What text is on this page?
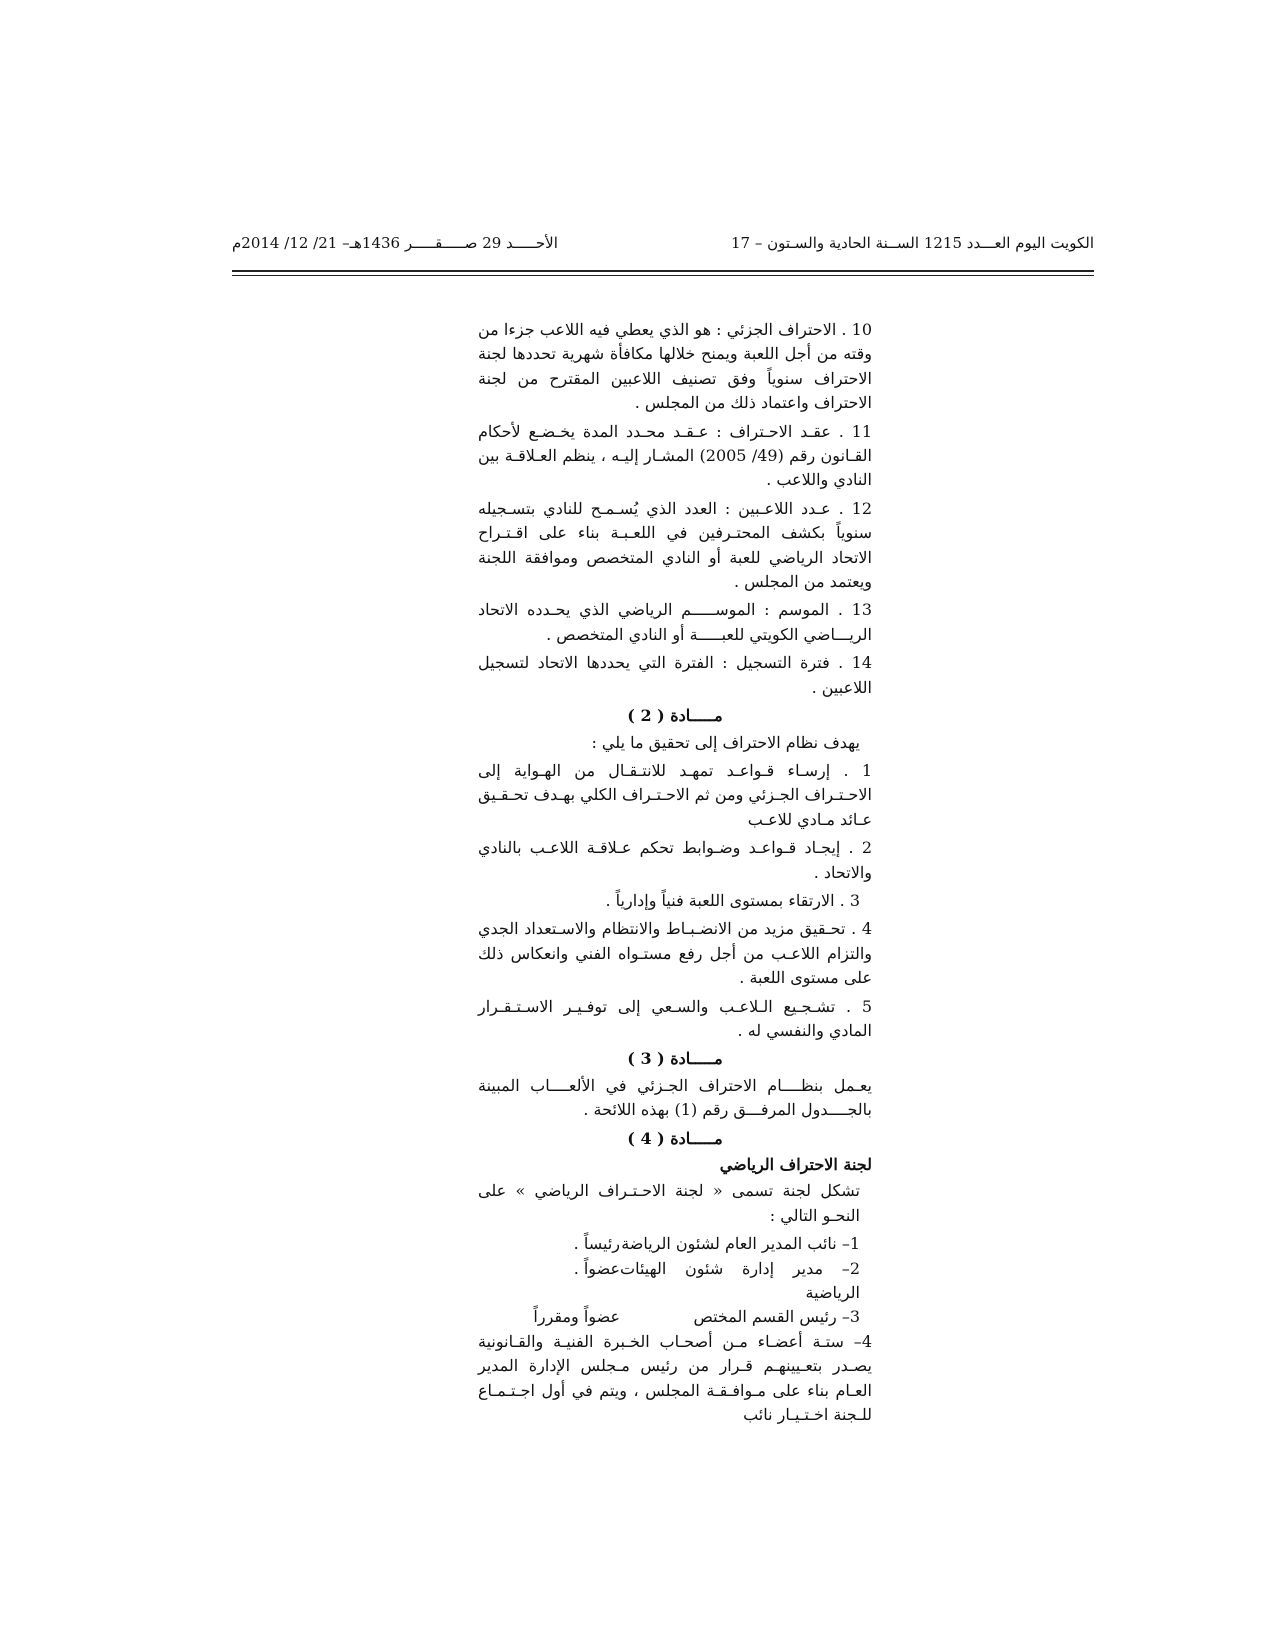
الأحـــــد 29 صـــــقـــــر 1436هـ– 21/ 12/ 2014م	الكويت اليوم العـــدد 1215 الســنة الحادية والسـتون – 17

10 . الاحتراف الجزئي : هو الذي يعطي فيه اللاعب جزءا من وقته من أجل اللعبة ويمنح خلالها مكافأة شهرية تحددها لجنة الاحتراف سنوياً وفق تصنيف اللاعبين المقترح من لجنة الاحتراف واعتماد ذلك من المجلس .

11 . عقـد الاحـتراف : عـقـد محـدد المدة يخـضـع لأحكام القـانون رقم (49/ 2005) المشـار إليـه ، ينظم العـلاقـة بين النادي واللاعب .

12 . عـدد اللاعـبين : العدد الذي يُسـمـح للنادي بتسـجيله سنوياً بكشف المحتـرفين في اللعـبـة بناء على اقـتـراح الاتحاد الرياضي للعبة أو النادي المتخصص وموافقة اللجنة ويعتمد من المجلس .

13 . الموسم : الموســـــم الرياضي الذي يحـدده الاتحاد الريـــاضي الكويتي للعبـــــة أو النادي المتخصص .

14 . فترة التسجيل : الفترة التي يحددها الاتحاد لتسجيل اللاعبين .

مـــــادة ( 2 )

يهدف نظام الاحتراف إلى تحقيق ما يلي :

1 . إرسـاء قـواعـد تمهـد للانتـقـال من الهـواية إلى الاحـتـراف الجـزئي ومن ثم الاحـتـراف الكلي بهـدف تحـقـيق عـائد مـادي للاعـب

2 . إيجـاد قـواعـد وضـوابط تحكم عـلاقـة اللاعـب بالنادي والاتحاد .

3 . الارتقاء بمستوى اللعبة فنياً وإدارياً .

4 . تحـقيق مزيد من الانضـبـاط والانتظام والاسـتعداد الجدي والتزام اللاعـب من أجل رفع مستـواه الفني وانعكاس ذلك على مستوى اللعبة .

5 . تشـجـيع الـلاعـب والسـعي إلى توفـيـر الاسـتـقـرار المادي والنفسي له .

مـــــادة ( 3 )

يعـمل بنظــــام الاحتراف الجـزئي في الألعــــاب المبينة بالجــــدول المرفـــق رقم (1) بهذه اللائحة .

مـــــادة ( 4 )

لجنة الاحتراف الرياضي

تشكل لجنة تسمى « لجنة الاحـتـراف الرياضي » على النحـو التالي :

1– نائب المدير العام لشئون الرياضة
رئيساً .

2– مدير إدارة شئون الهيئات الرياضية
عضواً .

3– رئيس القسم المختص
عضواً ومقرراً

4– ستـة أعضـاء مـن أصحـاب الخـبرة الفنيـة والقـانونية يصـدر بتعـيينهـم قـرار من رئيس مـجلس الإدارة المدير العـام بناء على مـوافـقـة المجلس ، ويتم في أول اجـتـمـاع للـجنة اخـتـيـار نائب
